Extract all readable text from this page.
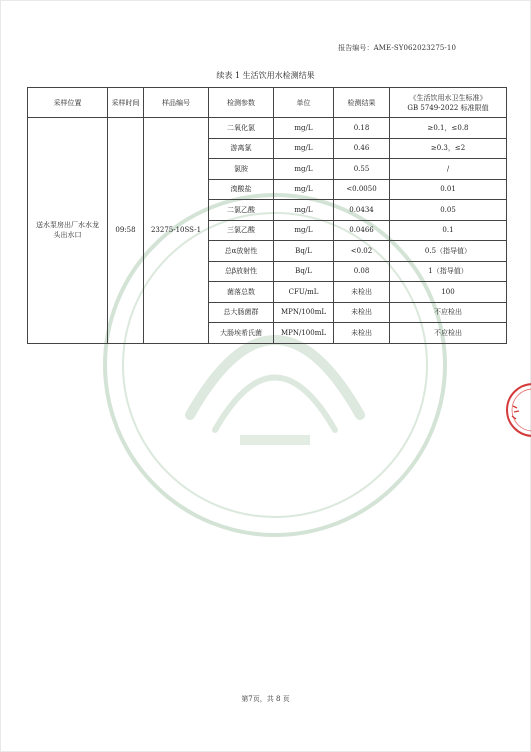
报告编号：AME-SY062023275-10
续表 1 生活饮用水检测结果
采样位置	采样时间	样品编号	检测参数	单位	检测结果	《生活饮用水卫生标准》
GB 5749-2022 标准限值

送水泵房出厂水水龙头出水口	09:58	23275-10SS-1	二氧化氯	mg/L	0.18	≥0.1，≤0.8
			游离氯	mg/L	0.46	≥0.3，≤2
			氯胺	mg/L	0.55	/
			溴酸盐	mg/L	<0.0050	0.01
			二氯乙酸	mg/L	0.0434	0.05
			三氯乙酸	mg/L	0.0466	0.1
			总α放射性	Bq/L	<0.02	0.5（指导值）
			总β放射性	Bq/L	0.08	1（指导值）
			菌落总数	CFU/mL	未检出	100
			总大肠菌群	MPN/100mL	未检出	不应检出
			大肠埃希氏菌	MPN/100mL	未检出	不应检出
第7页，共 8 页
